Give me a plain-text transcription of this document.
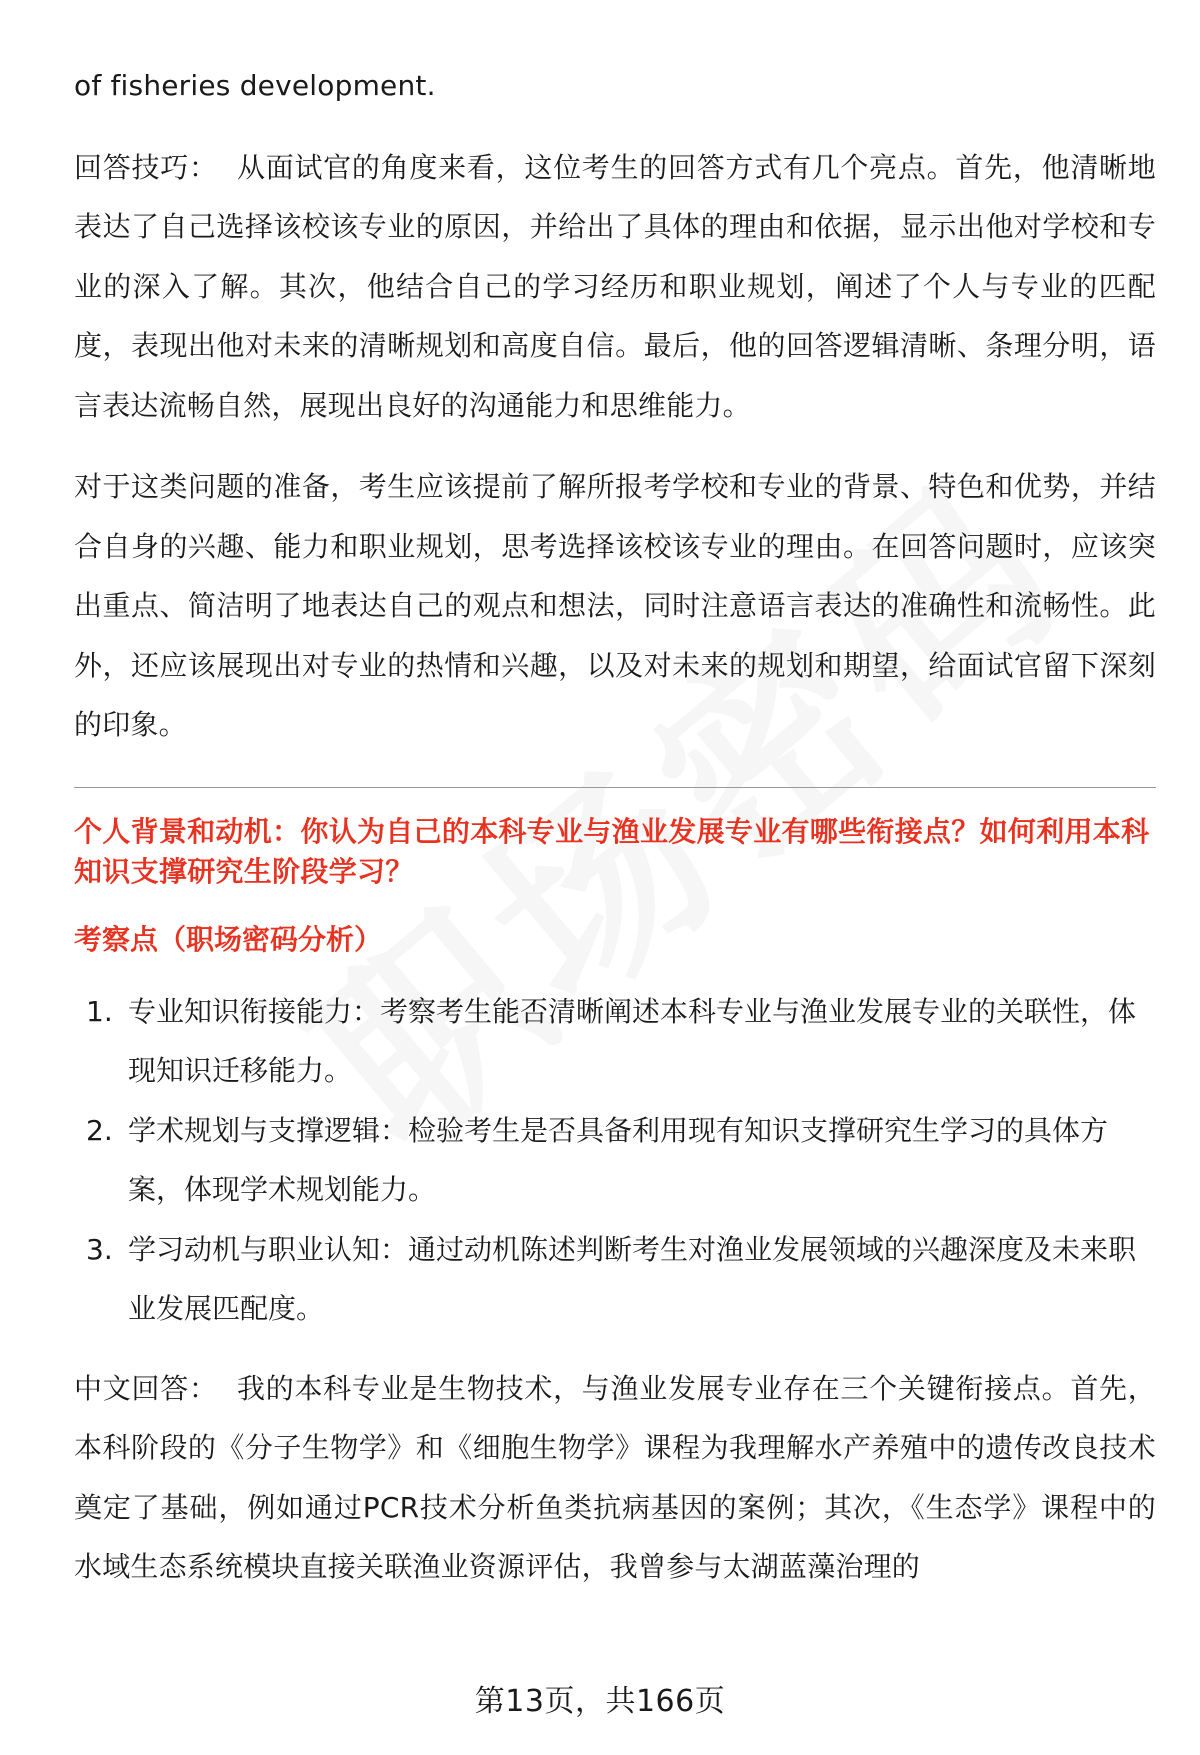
of fisheries development.

回答技巧： 从面试官的角度来看，这位考生的回答方式有几个亮点。首先，他清晰地表达了自己选择该校该专业的原因，并给出了具体的理由和依据，显示出他对学校和专业的深入了解。其次，他结合自己的学习经历和职业规划，阐述了个人与专业的匹配度，表现出他对未来的清晰规划和高度自信。最后，他的回答逻辑清晰、条理分明，语言表达流畅自然，展现出良好的沟通能力和思维能力。

对于这类问题的准备，考生应该提前了解所报考学校和专业的背景、特色和优势，并结合自身的兴趣、能力和职业规划，思考选择该校该专业的理由。在回答问题时，应该突出重点、简洁明了地表达自己的观点和想法，同时注意语言表达的准确性和流畅性。此外，还应该展现出对专业的热情和兴趣，以及对未来的规划和期望，给面试官留下深刻的印象。

个人背景和动机：你认为自己的本科专业与渔业发展专业有哪些衔接点？如何利用本科知识支撑研究生阶段学习？

考察点（职场密码分析）

1. 专业知识衔接能力：考察考生能否清晰阐述本科专业与渔业发展专业的关联性，体现知识迁移能力。
2. 学术规划与支撑逻辑：检验考生是否具备利用现有知识支撑研究生学习的具体方案，体现学术规划能力。
3. 学习动机与职业认知：通过动机陈述判断考生对渔业发展领域的兴趣深度及未来职业发展匹配度。

中文回答： 我的本科专业是生物技术，与渔业发展专业存在三个关键衔接点。首先，本科阶段的《分子生物学》和《细胞生物学》课程为我理解水产养殖中的遗传改良技术奠定了基础，例如通过PCR技术分析鱼类抗病基因的案例；其次，《生态学》课程中的水域生态系统模块直接关联渔业资源评估，我曾参与太湖蓝藻治理的

第13页，共166页
